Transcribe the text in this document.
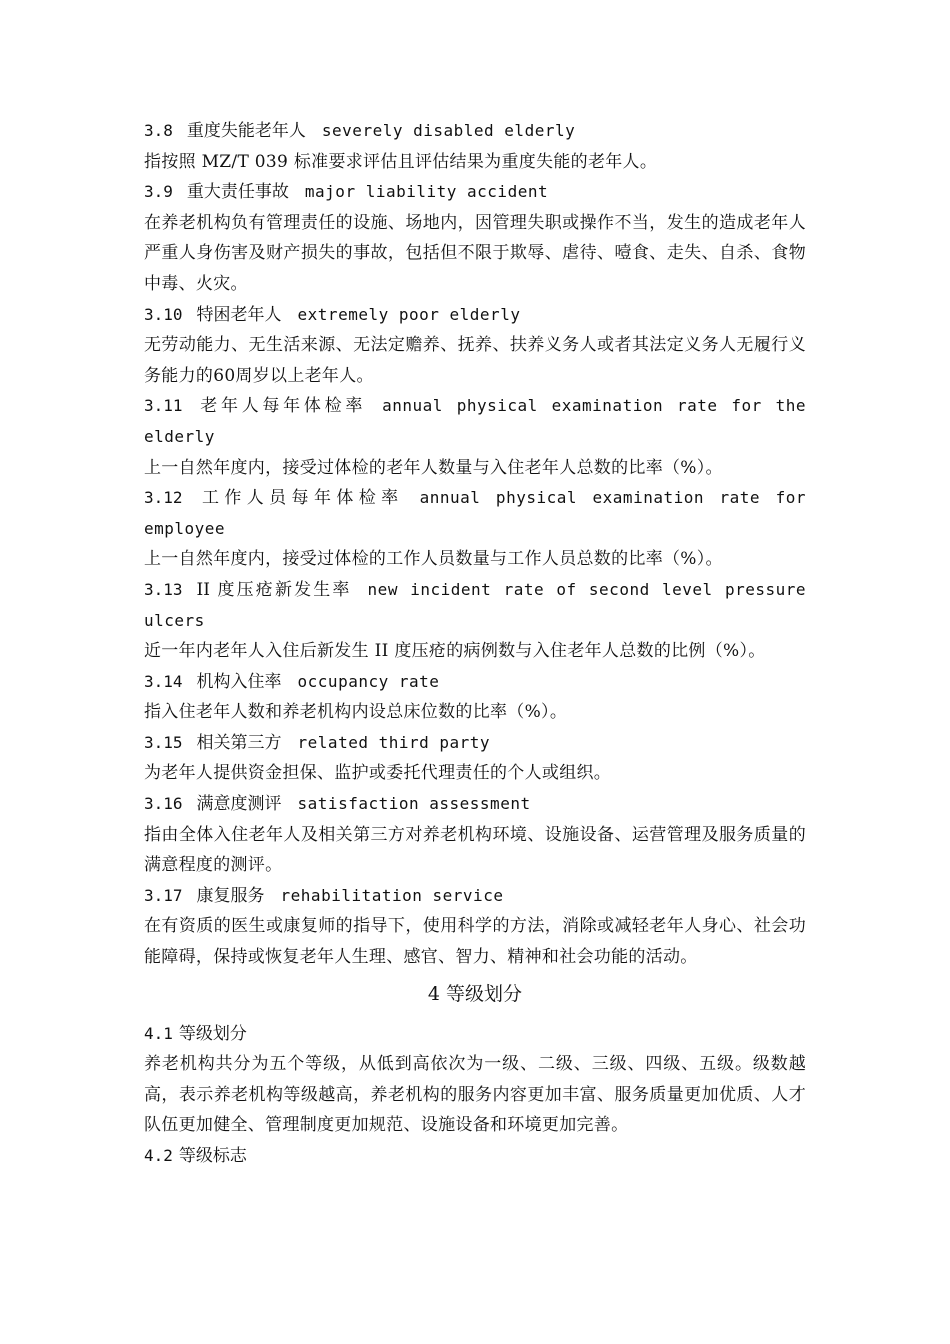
3.8 重度失能老年人 severely disabled elderly
指按照 MZ/T 039 标准要求评估且评估结果为重度失能的老年人。
3.9 重大责任事故 major liability accident
在养老机构负有管理责任的设施、场地内，因管理失职或操作不当，发生的造成老年人严重人身伤害及财产损失的事故，包括但不限于欺辱、虐待、噎食、走失、自杀、食物中毒、火灾。
3.10 特困老年人 extremely poor elderly
无劳动能力、无生活来源、无法定赡养、抚养、扶养义务人或者其法定义务人无履行义务能力的60周岁以上老年人。
3.11 老年人每年体检率 annual physical examination rate for the elderly
上一自然年度内，接受过体检的老年人数量与入住老年人总数的比率（%）。
3.12 工作人员每年体检率 annual physical examination rate for employee
上一自然年度内，接受过体检的工作人员数量与工作人员总数的比率（%）。
3.13 II 度压疮新发生率 new incident rate of second level pressure ulcers
近一年内老年人入住后新发生 II 度压疮的病例数与入住老年人总数的比例（%）。
3.14 机构入住率 occupancy rate
指入住老年人数和养老机构内设总床位数的比率（%）。
3.15 相关第三方 related third party
为老年人提供资金担保、监护或委托代理责任的个人或组织。
3.16 满意度测评 satisfaction assessment
指由全体入住老年人及相关第三方对养老机构环境、设施设备、运营管理及服务质量的满意程度的测评。
3.17 康复服务 rehabilitation service
在有资质的医生或康复师的指导下，使用科学的方法，消除或减轻老年人身心、社会功能障碍，保持或恢复老年人生理、感官、智力、精神和社会功能的活动。
4 等级划分
4.1 等级划分
养老机构共分为五个等级，从低到高依次为一级、二级、三级、四级、五级。级数越高，表示养老机构等级越高，养老机构的服务内容更加丰富、服务质量更加优质、人才队伍更加健全、管理制度更加规范、设施设备和环境更加完善。
4.2 等级标志
